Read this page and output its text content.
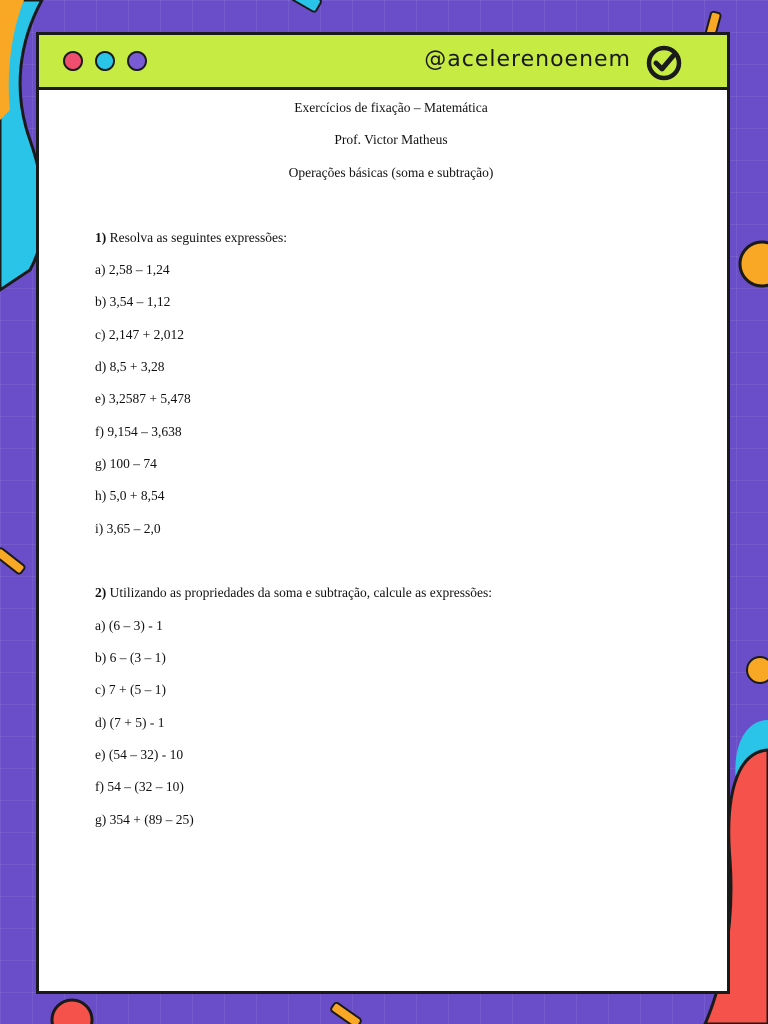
@acelerenoenem

Exercícios de fixação – Matemática

Prof. Victor Matheus

Operações básicas (soma e subtração)

1) Resolva as seguintes expressões:

a) 2,58 – 1,24

b) 3,54 – 1,12

c) 2,147 + 2,012

d) 8,5 + 3,28

e) 3,2587 + 5,478

f) 9,154 – 3,638

g) 100 – 74

h) 5,0 + 8,54

i) 3,65 – 2,0

2) Utilizando as propriedades da soma e subtração, calcule as expressões:

a) (6 – 3) - 1

b) 6 – (3 – 1)

c) 7 + (5 – 1)

d) (7 + 5) - 1

e) (54 – 32) - 10

f) 54 – (32 – 10)

g) 354 + (89 – 25)
